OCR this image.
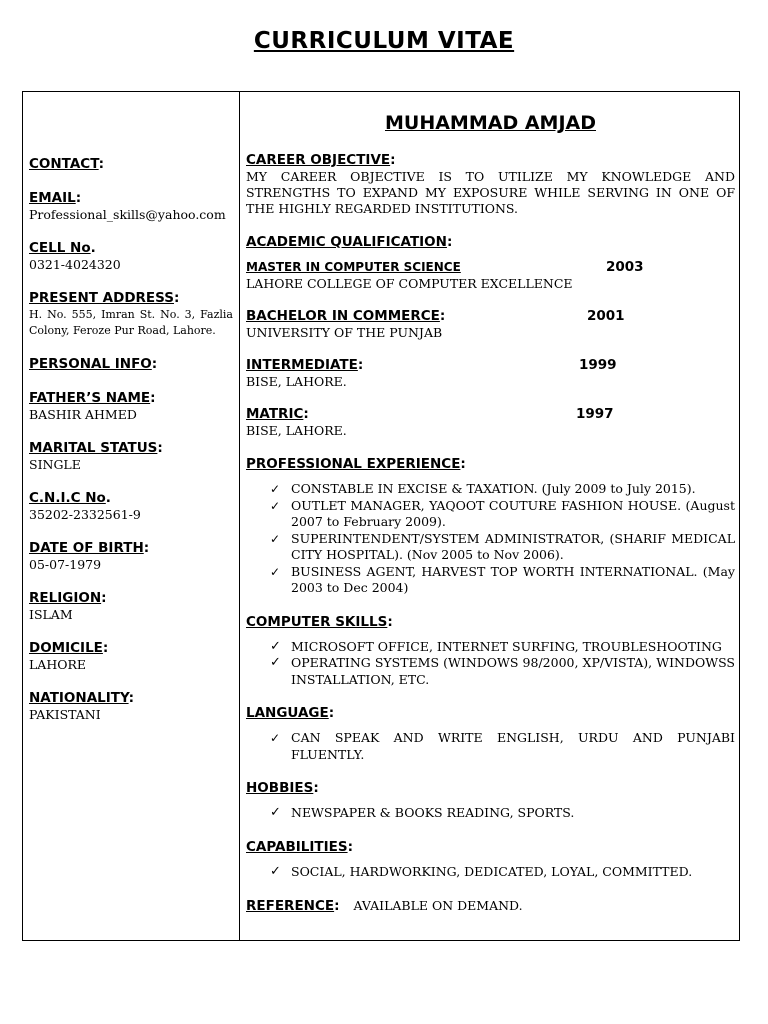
CURRICULUM VITAE
CONTACT:
EMAIL:
Professional_skills@yahoo.com
CELL No.
0321-4024320
PRESENT ADDRESS:
H. No. 555, Imran St. No. 3, Fazlia Colony, Feroze Pur Road, Lahore.
PERSONAL INFO:
FATHER’S NAME:
BASHIR AHMED
MARITAL STATUS:
SINGLE
C.N.I.C No.
35202-2332561-9
DATE OF BIRTH:
05-07-1979
RELIGION:
ISLAM
DOMICILE:
LAHORE
NATIONALITY:
PAKISTANI
MUHAMMAD AMJAD
CAREER OBJECTIVE:
MY CAREER OBJECTIVE IS TO UTILIZE MY KNOWLEDGE AND STRENGTHS TO EXPAND MY EXPOSURE WHILE SERVING IN ONE OF THE HIGHLY REGARDED INSTITUTIONS.
ACADEMIC QUALIFICATION:
MASTER IN COMPUTER SCIENCE	2003
LAHORE COLLEGE OF COMPUTER EXCELLENCE
BACHELOR IN COMMERCE:	2001
UNIVERSITY OF THE PUNJAB
INTERMEDIATE:	1999
BISE, LAHORE.
MATRIC:	1997
BISE, LAHORE.
PROFESSIONAL EXPERIENCE:
✓ CONSTABLE IN EXCISE & TAXATION. (July 2009 to July 2015).
✓ OUTLET MANAGER, YAQOOT COUTURE FASHION HOUSE. (August 2007 to February 2009).
✓ SUPERINTENDENT/SYSTEM ADMINISTRATOR, (SHARIF MEDICAL CITY HOSPITAL). (Nov 2005 to Nov 2006).
✓ BUSINESS AGENT, HARVEST TOP WORTH INTERNATIONAL. (May 2003 to Dec 2004)
COMPUTER SKILLS:
✓ MICROSOFT OFFICE, INTERNET SURFING, TROUBLESHOOTING
✓ OPERATING SYSTEMS (WINDOWS 98/2000, XP/VISTA), WINDOWSS INSTALLATION, ETC.
LANGUAGE:
✓ CAN SPEAK AND WRITE ENGLISH, URDU AND PUNJABI FLUENTLY.
HOBBIES:
✓ NEWSPAPER & BOOKS READING, SPORTS.
CAPABILITIES:
✓ SOCIAL, HARDWORKING, DEDICATED, LOYAL, COMMITTED.
REFERENCE: AVAILABLE ON DEMAND.
